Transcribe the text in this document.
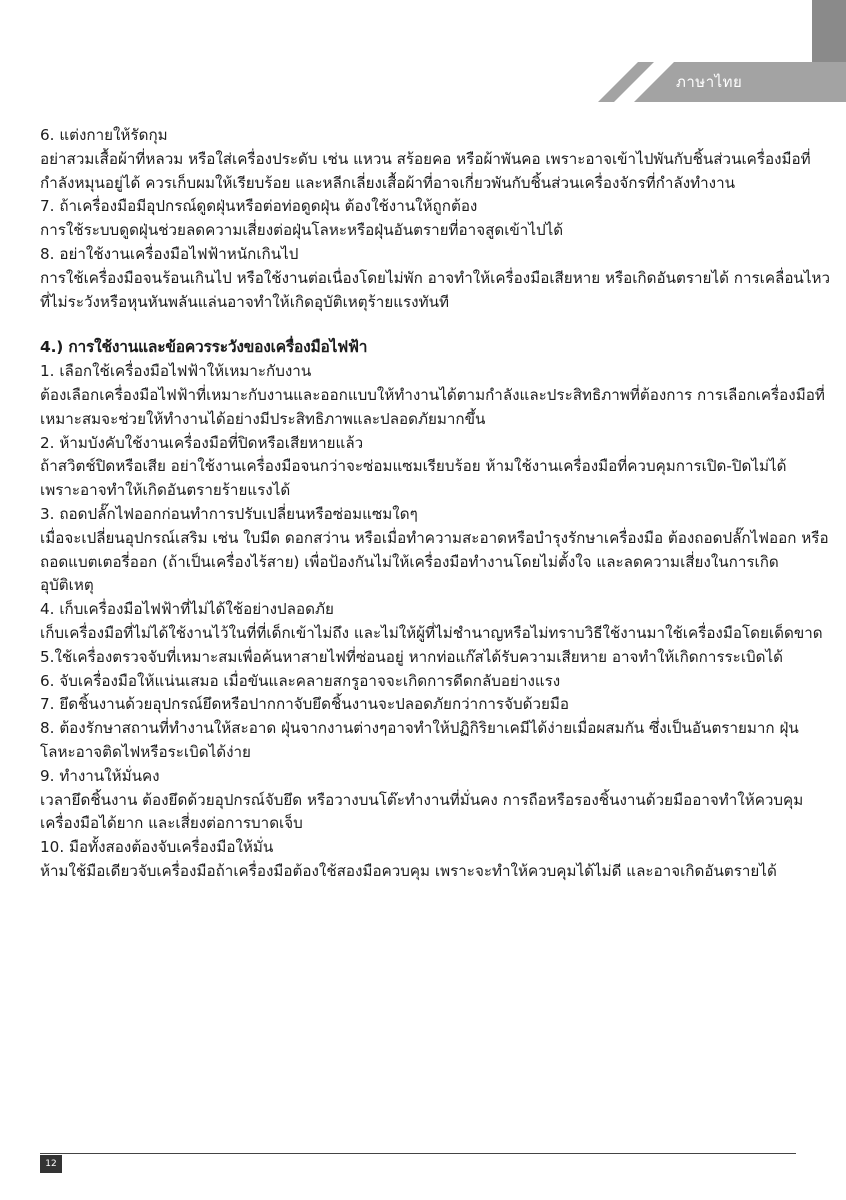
ภาษาไทย

6. แต่งกายให้รัดกุม

อย่าสวมเสื้อผ้าที่หลวม หรือใส่เครื่องประดับ เช่น แหวน สร้อยคอ หรือผ้าพันคอ เพราะอาจเข้าไปพันกับชิ้นส่วนเครื่องมือที่กำลังหมุนอยู่ได้ ควรเก็บผมให้เรียบร้อย และหลีกเลี่ยงเสื้อผ้าที่อาจเกี่ยวพันกับชิ้นส่วนเครื่องจักรที่กำลังทำงาน

7. ถ้าเครื่องมือมีอุปกรณ์ดูดฝุ่นหรือต่อท่อดูดฝุ่น ต้องใช้งานให้ถูกต้อง

การใช้ระบบดูดฝุ่นช่วยลดความเสี่ยงต่อฝุ่นโลหะหรือฝุ่นอันตรายที่อาจสูดเข้าไปได้

8. อย่าใช้งานเครื่องมือไฟฟ้าหนักเกินไป

การใช้เครื่องมือจนร้อนเกินไป หรือใช้งานต่อเนื่องโดยไม่พัก อาจทำให้เครื่องมือเสียหาย หรือเกิดอันตรายได้ การเคลื่อนไหวที่ไม่ระวังหรือหุนหันพลันแล่นอาจทำให้เกิดอุบัติเหตุร้ายแรงทันที

4.) การใช้งานและข้อควรระวังของเครื่องมือไฟฟ้า

1. เลือกใช้เครื่องมือไฟฟ้าให้เหมาะกับงาน

ต้องเลือกเครื่องมือไฟฟ้าที่เหมาะกับงานและออกแบบให้ทำงานได้ตามกำลังและประสิทธิภาพที่ต้องการ การเลือกเครื่องมือที่เหมาะสมจะช่วยให้ทำงานได้อย่างมีประสิทธิภาพและปลอดภัยมากขึ้น

2. ห้ามบังคับใช้งานเครื่องมือที่ปิดหรือเสียหายแล้ว

ถ้าสวิตช์ปิดหรือเสีย อย่าใช้งานเครื่องมือจนกว่าจะซ่อมแซมเรียบร้อย ห้ามใช้งานเครื่องมือที่ควบคุมการเปิด-ปิดไม่ได้ เพราะอาจทำให้เกิดอันตรายร้ายแรงได้

3. ถอดปลั๊กไฟออกก่อนทำการปรับเปลี่ยนหรือซ่อมแซมใดๆ

เมื่อจะเปลี่ยนอุปกรณ์เสริม เช่น ใบมีด ดอกสว่าน หรือเมื่อทำความสะอาดหรือบำรุงรักษาเครื่องมือ ต้องถอดปลั๊กไฟออก หรือถอดแบตเตอรี่ออก (ถ้าเป็นเครื่องไร้สาย) เพื่อป้องกันไม่ให้เครื่องมือทำงานโดยไม่ตั้งใจ และลดความเสี่ยงในการเกิดอุบัติเหตุ

4. เก็บเครื่องมือไฟฟ้าที่ไม่ได้ใช้อย่างปลอดภัย

เก็บเครื่องมือที่ไม่ได้ใช้งานไว้ในที่ที่เด็กเข้าไม่ถึง และไม่ให้ผู้ที่ไม่ชำนาญหรือไม่ทราบวิธีใช้งานมาใช้เครื่องมือโดยเด็ดขาด

5.ใช้เครื่องตรวจจับที่เหมาะสมเพื่อค้นหาสายไฟที่ซ่อนอยู่ หากท่อแก๊สได้รับความเสียหาย อาจทำให้เกิดการระเบิดได้

6. จับเครื่องมือให้แน่นเสมอ เมื่อขันและคลายสกรูอาจจะเกิดการดีดกลับอย่างแรง

7. ยึดชิ้นงานด้วยอุปกรณ์ยึดหรือปากกาจับยึดชิ้นงานจะปลอดภัยกว่าการจับด้วยมือ

8. ต้องรักษาสถานที่ทำงานให้สะอาด ฝุ่นจากงานต่างๆอาจทำให้ปฏิกิริยาเคมีได้ง่ายเมื่อผสมกัน ซึ่งเป็นอันตรายมาก ฝุ่น โลหะอาจติดไฟหรือระเบิดได้ง่าย

9. ทำงานให้มั่นคง

เวลายึดชิ้นงาน ต้องยึดด้วยอุปกรณ์จับยึด หรือวางบนโต๊ะทำงานที่มั่นคง การถือหรือรองชิ้นงานด้วยมืออาจทำให้ควบคุมเครื่องมือได้ยาก และเสี่ยงต่อการบาดเจ็บ

10. มือทั้งสองต้องจับเครื่องมือให้มั่น

ห้ามใช้มือเดียวจับเครื่องมือถ้าเครื่องมือต้องใช้สองมือควบคุม เพราะจะทำให้ควบคุมได้ไม่ดี และอาจเกิดอันตรายได้

12
